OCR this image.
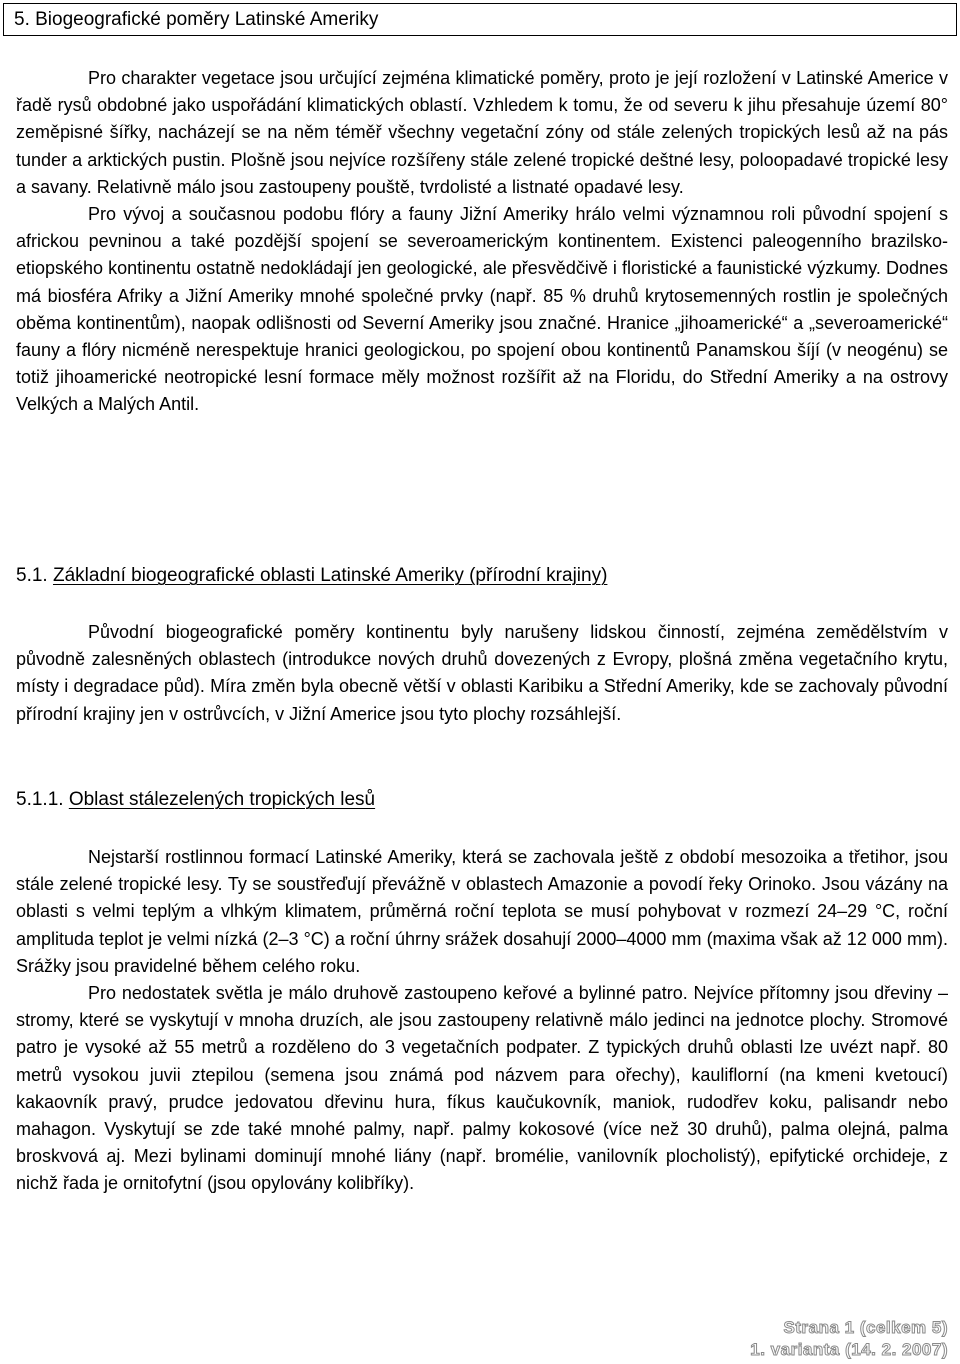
5. Biogeografické poměry Latinské Ameriky

Pro charakter vegetace jsou určující zejména klimatické poměry, proto je její rozložení v Latinské Americe v řadě rysů obdobné jako uspořádání klimatických oblastí. Vzhledem k tomu, že od severu k jihu přesahuje území 80° zeměpisné šířky, nacházejí se na něm téměř všechny vegetační zóny od stále zelených tropických lesů až na pás tunder a arktických pustin. Plošně jsou nejvíce rozšířeny stále zelené tropické deštné lesy, poloopadavé tropické lesy a savany. Relativně málo jsou zastoupeny pouště, tvrdolisté a listnaté opadavé lesy.

Pro vývoj a současnou podobu flóry a fauny Jižní Ameriky hrálo velmi významnou roli původní spojení s africkou pevninou a také pozdější spojení se severoamerickým kontinentem. Existenci paleogenního brazilsko-etiopského kontinentu ostatně nedokládají jen geologické, ale přesvědčivě i floristické a faunistické výzkumy. Dodnes má biosféra Afriky a Jižní Ameriky mnohé společné prvky (např. 85 % druhů krytosemenných rostlin je společných oběma kontinentům), naopak odlišnosti od Severní Ameriky jsou značné. Hranice „jihoamerické“ a „severoamerické“ fauny a flóry nicméně nerespektuje hranici geologickou, po spojení obou kontinentů Panamskou šíjí (v neogénu) se totiž jihoamerické neotropické lesní formace měly možnost rozšířit až na Floridu, do Střední Ameriky a na ostrovy Velkých a Malých Antil.

5.1. Základní biogeografické oblasti Latinské Ameriky (přírodní krajiny)

Původní biogeografické poměry kontinentu byly narušeny lidskou činností, zejména zemědělstvím v původně zalesněných oblastech (introdukce nových druhů dovezených z Evropy, plošná změna vegetačního krytu, místy i degradace půd). Míra změn byla obecně větší v oblasti Karibiku a Střední Ameriky, kde se zachovaly původní přírodní krajiny jen v ostrůvcích, v Jižní Americe jsou tyto plochy rozsáhlejší.

5.1.1. Oblast stálezelených tropických lesů

Nejstarší rostlinnou formací Latinské Ameriky, která se zachovala ještě z období mesozoika a třetihor, jsou stále zelené tropické lesy. Ty se soustřeďují převážně v oblastech Amazonie a povodí řeky Orinoko. Jsou vázány na oblasti s velmi teplým a vlhkým klimatem, průměrná roční teplota se musí pohybovat v rozmezí 24–29 °C, roční amplituda teplot je velmi nízká (2–3 °C) a roční úhrny srážek dosahují 2000–4000 mm (maxima však až 12 000 mm). Srážky jsou pravidelné během celého roku.

Pro nedostatek světla je málo druhově zastoupeno keřové a bylinné patro. Nejvíce přítomny jsou dřeviny – stromy, které se vyskytují v mnoha druzích, ale jsou zastoupeny relativně málo jedinci na jednotce plochy. Stromové patro je vysoké až 55 metrů a rozděleno do 3 vegetačních podpater. Z typických druhů oblasti lze uvézt např. 80 metrů vysokou juvii ztepilou (semena jsou známá pod názvem para ořechy), kauliflorní (na kmeni kvetoucí) kakaovník pravý, prudce jedovatou dřevinu hura, fíkus kaučukovník, maniok, rudodřev koku, palisandr nebo mahagon. Vyskytují se zde také mnohé palmy, např. palmy kokosové (více než 30 druhů), palma olejná, palma broskvová aj. Mezi bylinami dominují mnohé liány (např. bromélie, vanilovník plocholistý), epifytické orchideje, z nichž řada je ornitofytní (jsou opylovány kolibříky).

Strana 1 (celkem 5)
1. varianta (14. 2. 2007)
